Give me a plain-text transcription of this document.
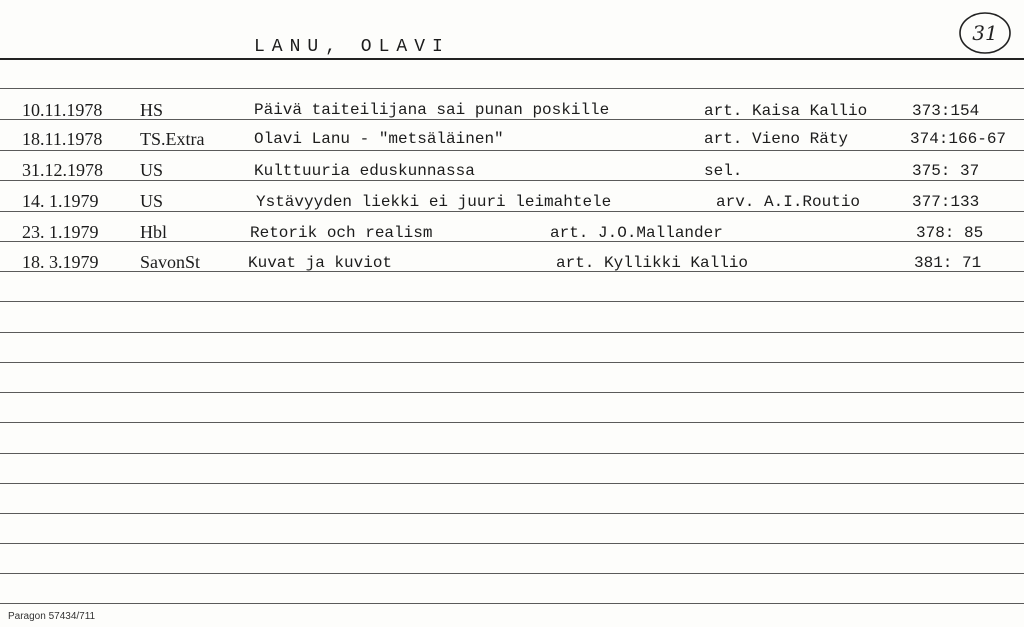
LANU, OLAVI
31
10.11.1978 HS	Päivä taiteilijana sai punan poskille	art. Kaisa Kallio	373:154
18.11.1978 TS.Extra	Olavi Lanu - "metsäläinen"	art. Vieno Räty	374:166-67
31.12.1978 US	Kulttuuria eduskunnassa	sel.	375: 37
14. 1.1979 US	Ystävyyden liekki ei juuri leimahtele	arv. A.I.Routio	377:133
23. 1.1979 Hbl	Retorik och realism	art. J.O.Mallander	378: 85
18. 3.1979 SavonSt	Kuvat ja kuviot	art. Kyllikki Kallio	381: 71
Paragon 57434/711
